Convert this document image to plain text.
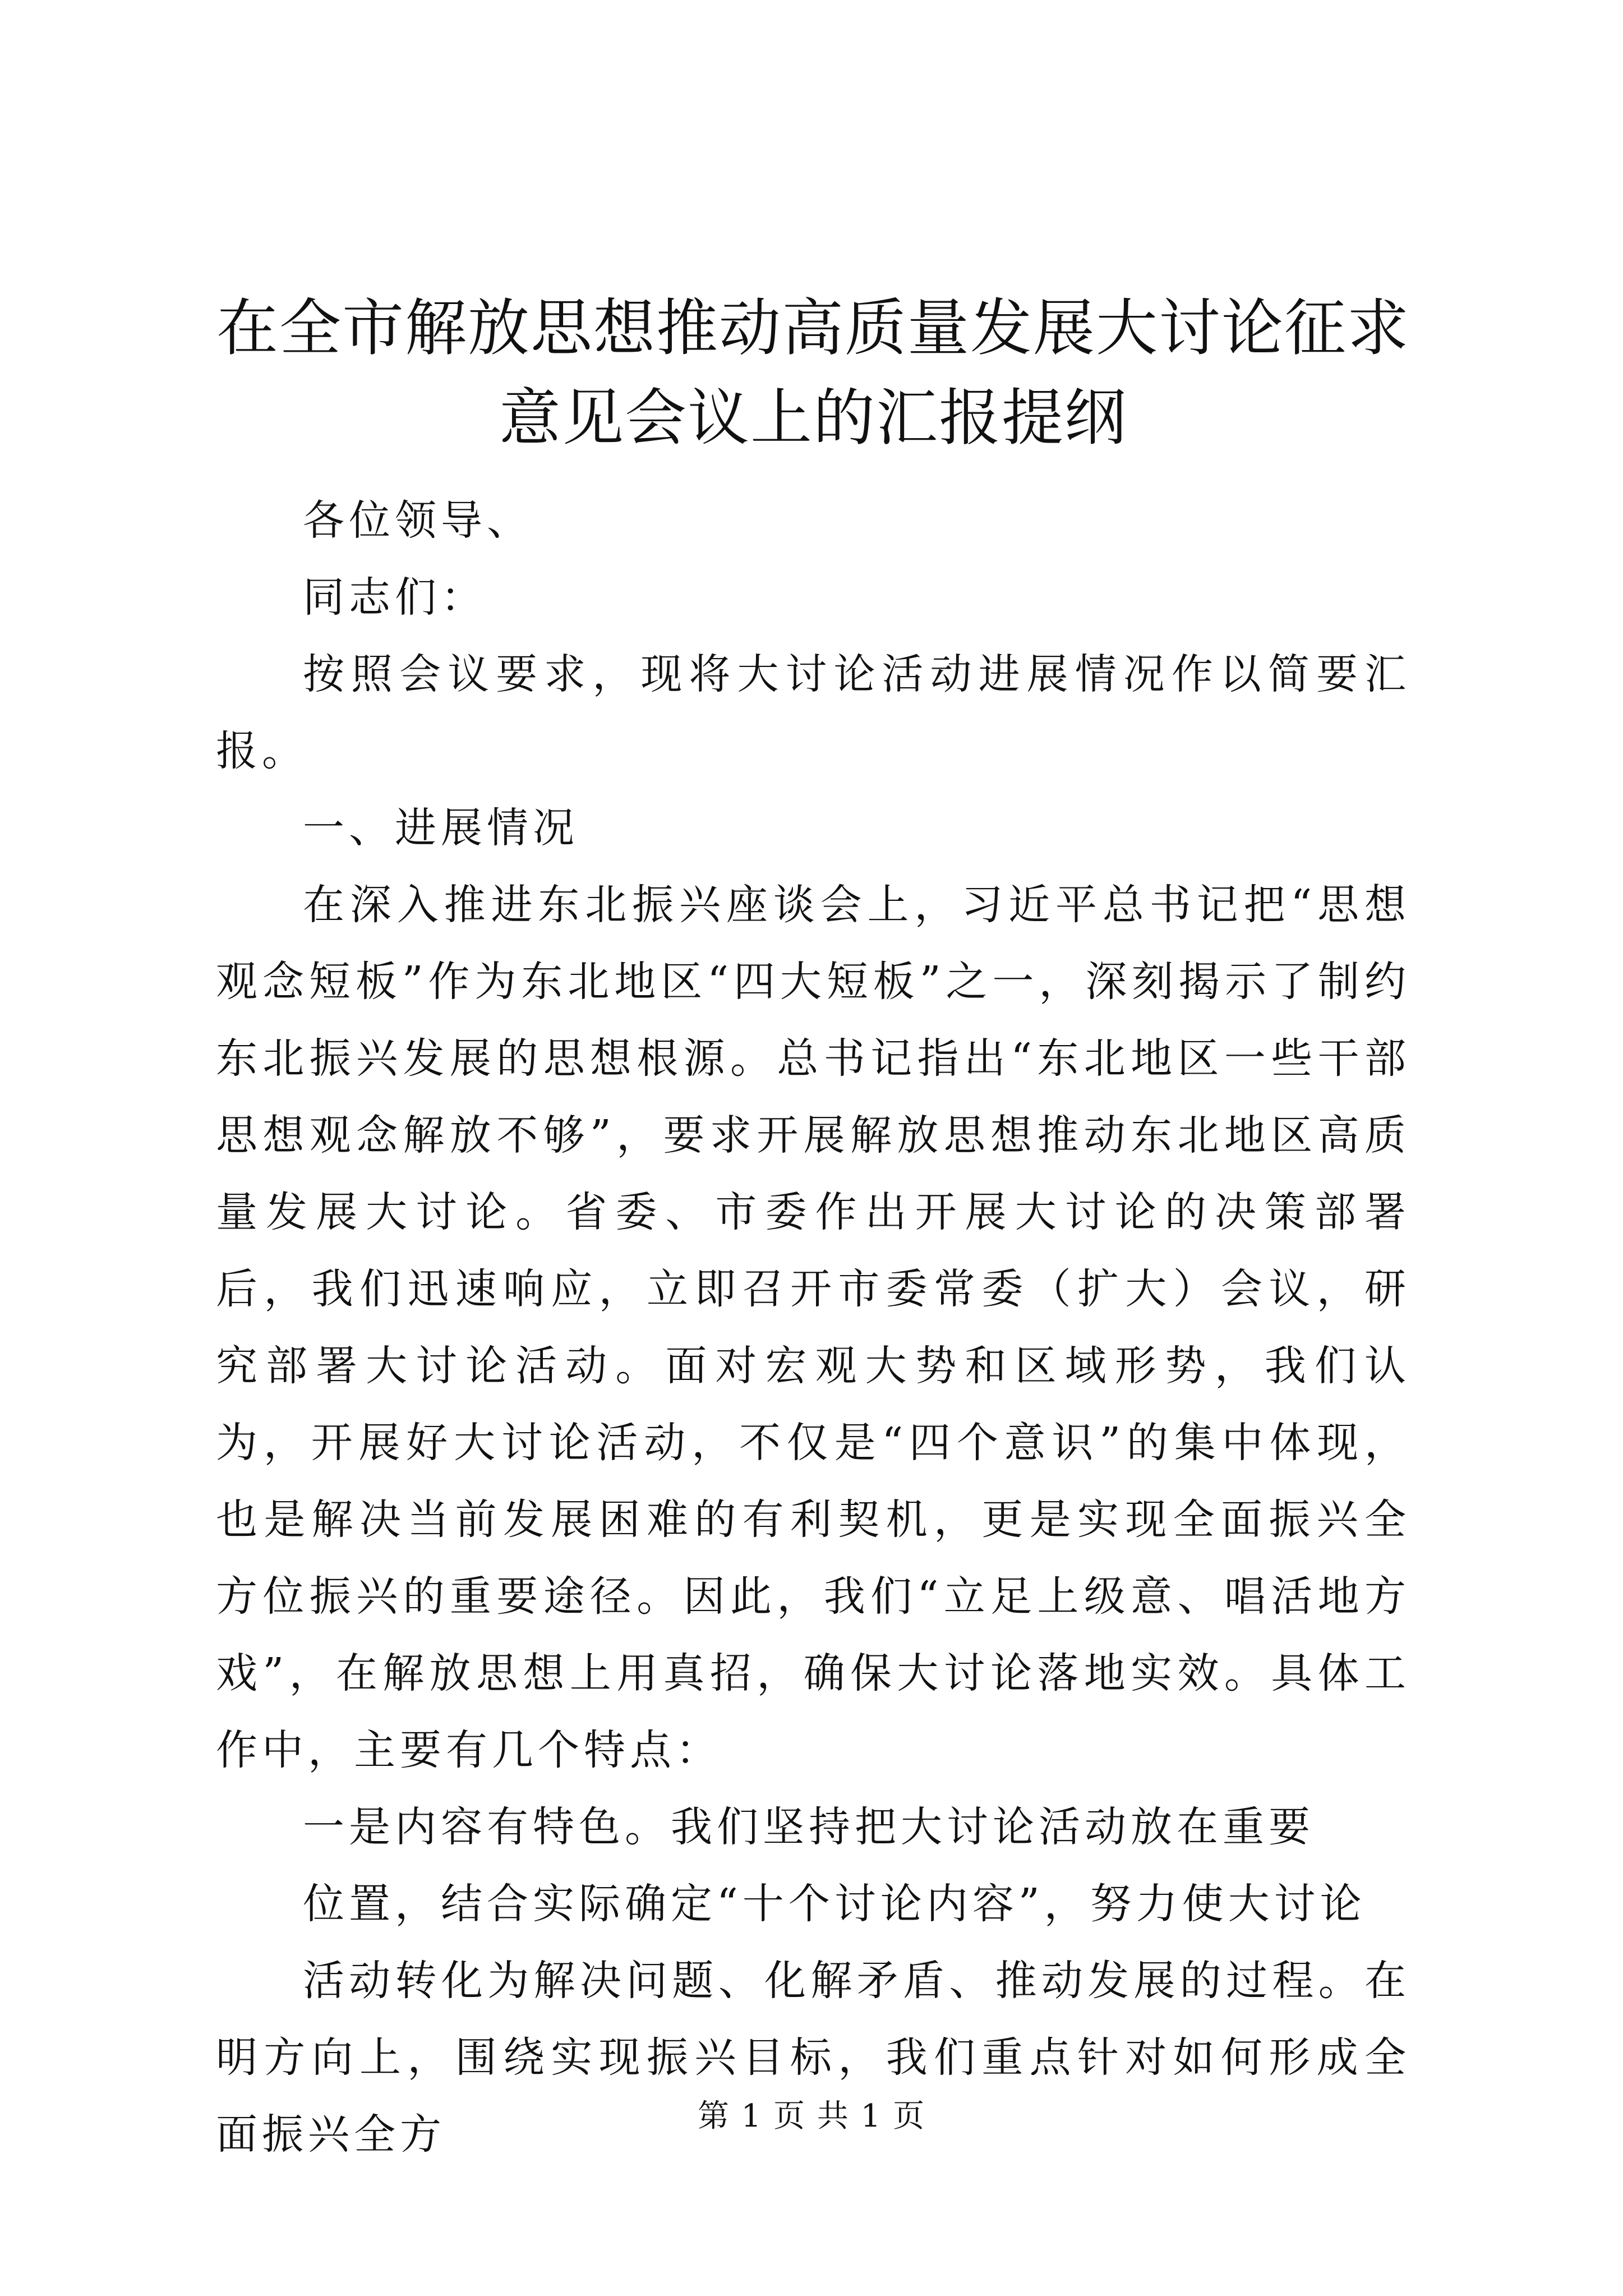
在全市解放思想推动高质量发展大讨论征求意见会议上的汇报提纲

各位领导、

同志们：

按照会议要求，现将大讨论活动进展情况作以简要汇报。

一、进展情况

在深入推进东北振兴座谈会上，习近平总书记把“思想观念短板”作为东北地区“四大短板”之一，深刻揭示了制约东北振兴发展的思想根源。总书记指出“东北地区一些干部思想观念解放不够”，要求开展解放思想推动东北地区高质量发展大讨论。省委、市委作出开展大讨论的决策部署后，我们迅速响应，立即召开市委常委（扩大）会议，研究部署大讨论活动。面对宏观大势和区域形势，我们认为，开展好大讨论活动，不仅是“四个意识”的集中体现，也是解决当前发展困难的有利契机，更是实现全面振兴全方位振兴的重要途径。因此，我们“立足上级意、唱活地方戏”，在解放思想上用真招，确保大讨论落地实效。具体工作中，主要有几个特点：

一是内容有特色。我们坚持把大讨论活动放在重要

位置，结合实际确定“十个讨论内容”，努力使大讨论

活动转化为解决问题、化解矛盾、推动发展的过程。在明方向上，围绕实现振兴目标，我们重点针对如何形成全面振兴全方	第 1 页 共 1 页
